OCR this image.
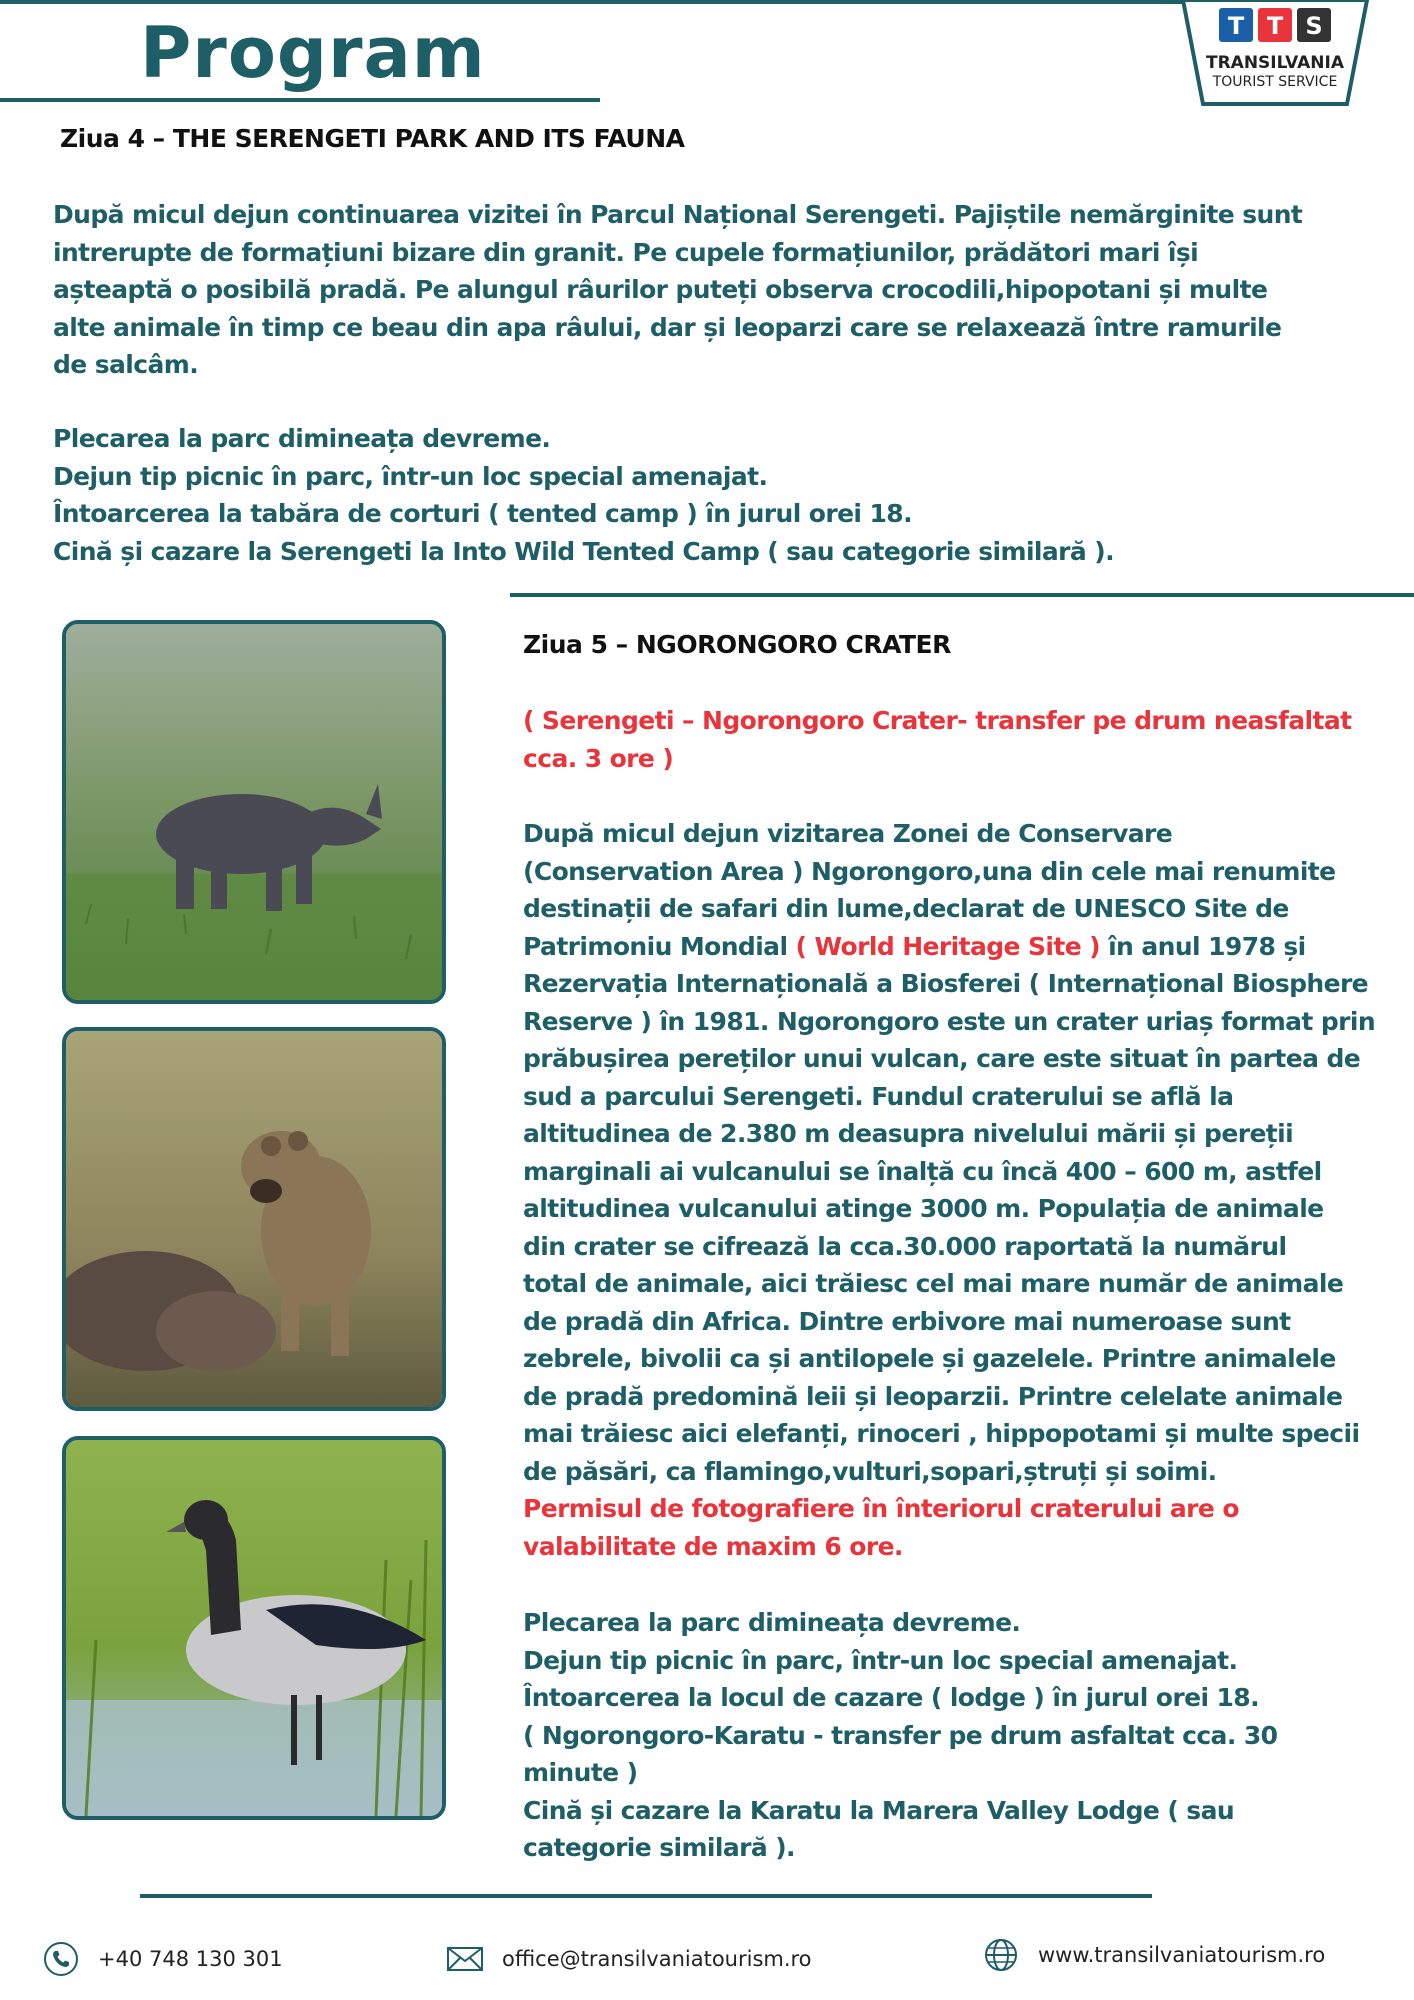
Program	T T S
TRANSILVANIA
TOURIST SERVICE
Ziua 4 – THE SERENGETI PARK AND ITS FAUNA

După micul dejun continuarea vizitei în Parcul Național Serengeti. Pajiștile nemărginite sunt

intrerupte de formațiuni bizare din granit. Pe cupele formațiunilor, prădători mari își

așteaptă o posibilă pradă. Pe alungul râurilor puteți observa crocodili,hipopotani și multe

alte animale în timp ce beau din apa râului, dar și leoparzi care se relaxează între ramurile

de salcâm.

Plecarea la parc dimineața devreme.

Dejun tip picnic în parc, într-un loc special amenajat.

Întoarcerea la tabăra de corturi ( tented camp ) în jurul orei 18.

Cină și cazare la Serengeti la Into Wild Tented Camp ( sau categorie similară ).

Ziua 5 – NGORONGORO CRATER

( Serengeti – Ngorongoro Crater- transfer pe drum neasfaltat

cca. 3 ore )

După micul dejun vizitarea Zonei de Conservare

(Conservation Area ) Ngorongoro,una din cele mai renumite

destinații de safari din lume,declarat de UNESCO Site de

Patrimoniu Mondial ( World Heritage Site ) în anul 1978 și

Rezervația Internațională a Biosferei ( Internațional Biosphere

Reserve ) în 1981. Ngorongoro este un crater uriaș format prin

prăbușirea pereților unui vulcan, care este situat în partea de

sud a parcului Serengeti. Fundul craterului se află la

altitudinea de 2.380 m deasupra nivelului mării și pereții

marginali ai vulcanului se înalță cu încă 400 – 600 m, astfel

altitudinea vulcanului atinge 3000 m. Populația de animale

din crater se cifrează la cca.30.000 raportată la numărul

total de animale, aici trăiesc cel mai mare număr de animale

de pradă din Africa. Dintre erbivore mai numeroase sunt

zebrele, bivolii ca și antilopele și gazelele. Printre animalele

de pradă predomină leii și leoparzii. Printre celelate animale

mai trăiesc aici elefanți, rinoceri , hippopotami și multe specii

de păsări, ca flamingo,vulturi,sopari,ștruți și soimi.

Permisul de fotografiere în înteriorul craterului are o

valabilitate de maxim 6 ore.

Plecarea la parc dimineața devreme.

Dejun tip picnic în parc, într-un loc special amenajat.

Întoarcerea la locul de cazare ( lodge ) în jurul orei 18.

( Ngorongoro-Karatu - transfer pe drum asfaltat cca. 30

minute )

Cină și cazare la Karatu la Marera Valley Lodge ( sau

categorie similară ).

+40 748 130 301	office@transilvaniatourism.ro	www.transilvaniatourism.ro
